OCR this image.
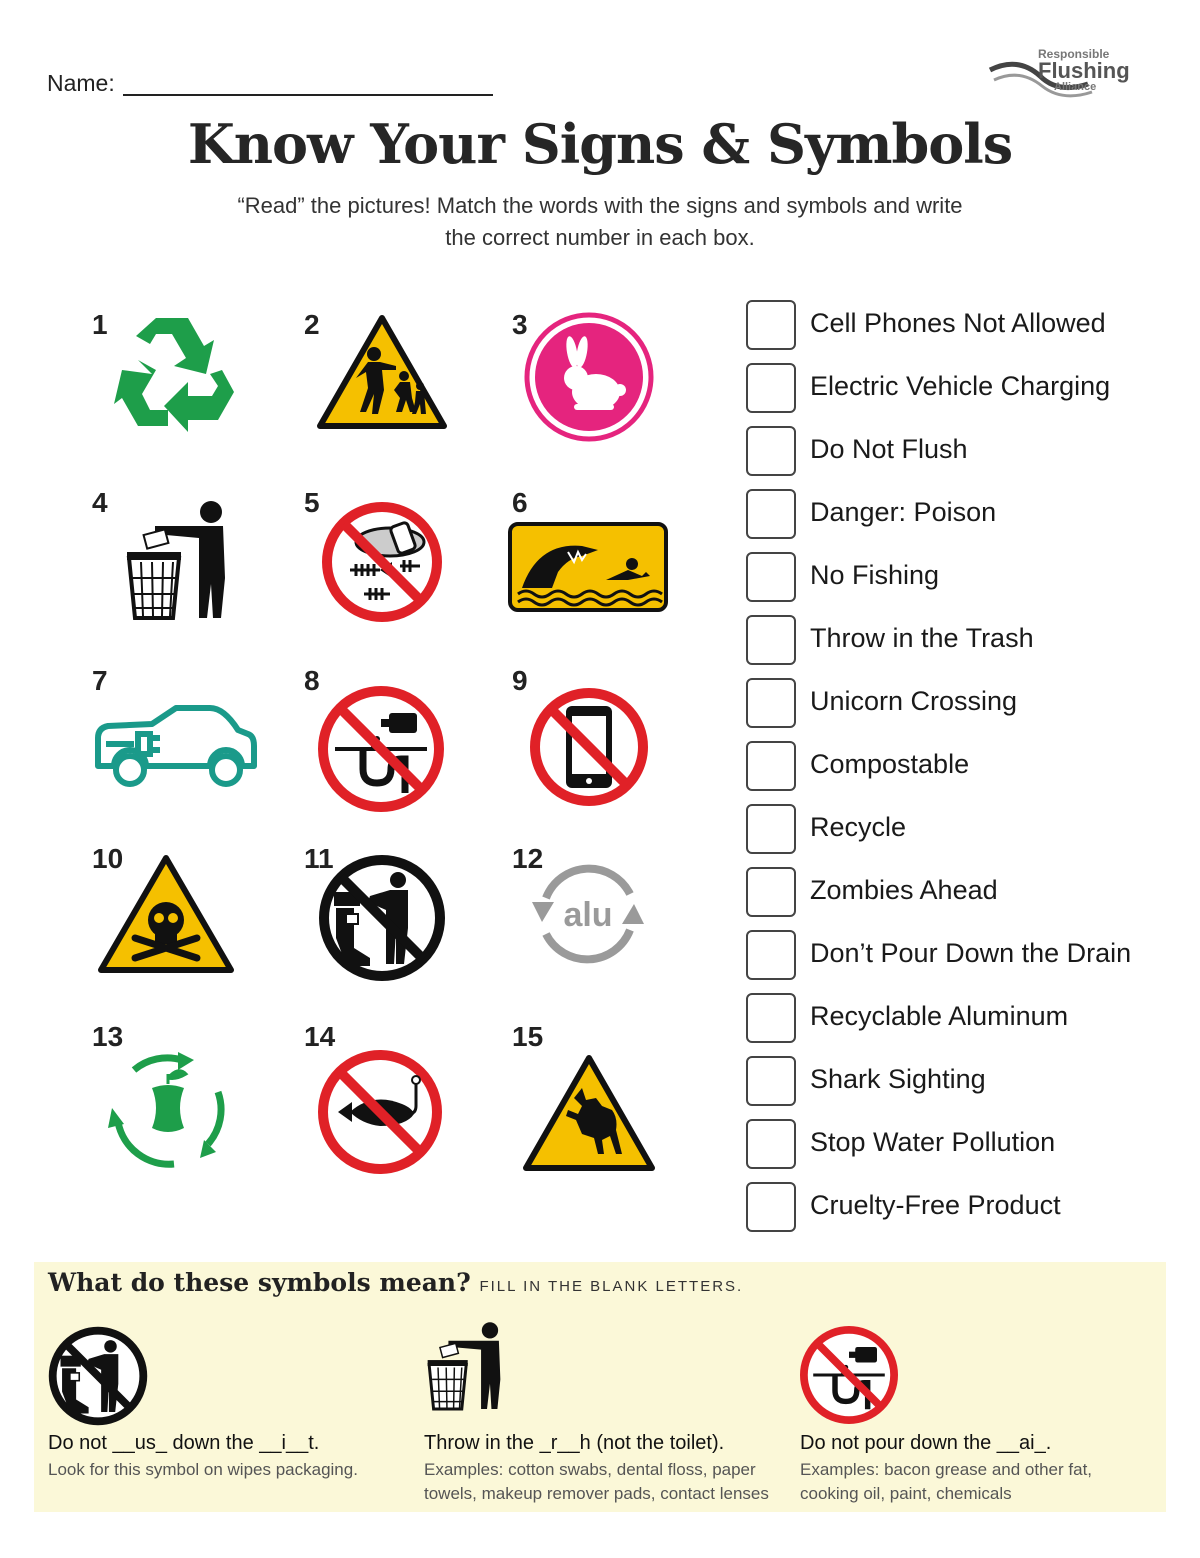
Name:
Responsible
Flushing
Alliance
Know Your Signs & Symbols
“Read” the pictures! Match the words with the signs and symbols and write
the correct number in each box.
1	2	3
4	5	6
7	8	9
10	11	12
alu
13	14	15
Cell Phones Not Allowed
Electric Vehicle Charging
Do Not Flush
Danger: Poison
No Fishing
Throw in the Trash
Unicorn Crossing
Compostable
Recycle
Zombies Ahead
Don’t Pour Down the Drain
Recyclable Aluminum
Shark Sighting
Stop Water Pollution
Cruelty-Free Product
What do these symbols mean? FILL IN THE BLANK LETTERS.
Do not __us_ down the __i__t.
Look for this symbol on wipes packaging.
Throw in the _r__h (not the toilet).
Examples: cotton swabs, dental floss, paper
towels, makeup remover pads, contact lenses
Do not pour down the __ai_.
Examples: bacon grease and other fat,
cooking oil, paint, chemicals
